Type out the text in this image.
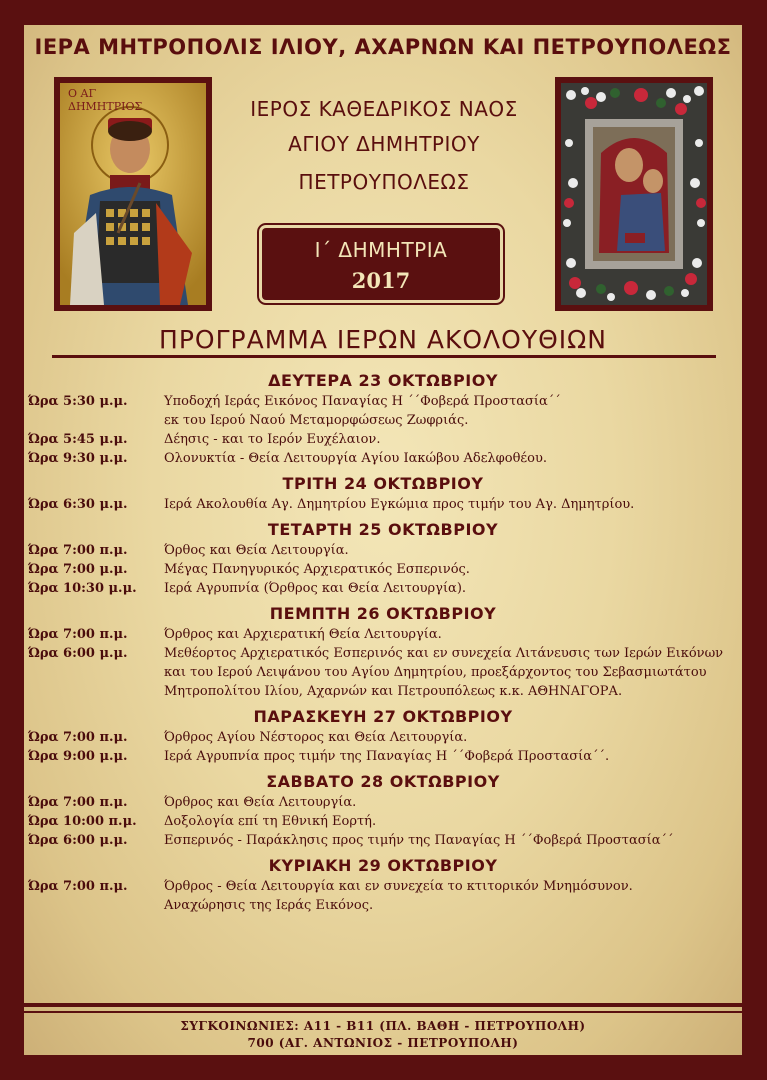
ΙΕΡΑ ΜΗΤΡΟΠΟΛΙΣ ΙΛΙΟΥ, ΑΧΑΡΝΩΝ ΚΑΙ ΠΕΤΡΟΥΠΟΛΕΩΣ
Ο ΑΓ ΔΗΜΗΤΡΙΟΣ	ΙΕΡΟΣ ΚΑΘΕΔΡΙΚΟΣ ΝΑΟΣ
ΑΓΙΟΥ ΔΗΜΗΤΡΙΟΥ
ΠΕΤΡΟΥΠΟΛΕΩΣ
Ι΄ ΔΗΜΗΤΡΙΑ
2017
ΠΡΟΓΡΑΜΜΑ ΙΕΡΩΝ ΑΚΟΛΟΥΘΙΩΝ
ΔΕΥΤΕΡΑ 23 ΟΚΤΩΒΡΙΟΥ
Ώρα 5:30 μ.μ.	Υποδοχή Ιεράς Εικόνος Παναγίας Η ΄΄Φοβερά Προστασία΄΄
εκ του Ιερού Ναού Μεταμορφώσεως Ζωφριάς.
Ώρα 5:45 μ.μ.	Δέησις - και το Ιερόν Ευχέλαιον.
Ώρα 9:30 μ.μ.	Ολονυκτία - Θεία Λειτουργία Αγίου Ιακώβου Αδελφοθέου.
ΤΡΙΤΗ 24 ΟΚΤΩΒΡΙΟΥ
Ώρα 6:30 μ.μ.	Ιερά Ακολουθία Αγ. Δημητρίου Εγκώμια προς τιμήν του Αγ. Δημητρίου.
ΤΕΤΑΡΤΗ 25 ΟΚΤΩΒΡΙΟΥ
Ώρα 7:00 π.μ.	Όρθος και Θεία Λειτουργία.
Ώρα 7:00 μ.μ.	Μέγας Πανηγυρικός Αρχιερατικός Εσπερινός.
Ώρα 10:30 μ.μ.	Ιερά Αγρυπνία (Όρθρος και Θεία Λειτουργία).
ΠΕΜΠΤΗ 26 ΟΚΤΩΒΡΙΟΥ
Ώρα 7:00 π.μ.	Όρθρος και Αρχιερατική Θεία Λειτουργία.
Ώρα 6:00 μ.μ.	Μεθέορτος Αρχιερατικός Εσπερινός και εν συνεχεία Λιτάνευσις των Ιερών Εικόνων
και του Ιερού Λειψάνου του Αγίου Δημητρίου, προεξάρχοντος του Σεβασμιωτάτου
Μητροπολίτου Ιλίου, Αχαρνών και Πετρουπόλεως κ.κ. ΑΘΗΝΑΓΟΡΑ.
ΠΑΡΑΣΚΕΥΗ 27 ΟΚΤΩΒΡΙΟΥ
Ώρα 7:00 π.μ.	Όρθρος Αγίου Νέστορος και Θεία Λειτουργία.
Ώρα 9:00 μ.μ.	Ιερά Αγρυπνία προς τιμήν της Παναγίας Η ΄΄Φοβερά Προστασία΄΄.
ΣΑΒΒΑΤΟ 28 ΟΚΤΩΒΡΙΟΥ
Ώρα 7:00 π.μ.	Όρθρος και Θεία Λειτουργία.
Ώρα 10:00 π.μ.	Δοξολογία επί τη Εθνική Εορτή.
Ώρα 6:00 μ.μ.	Εσπερινός - Παράκλησις προς τιμήν της Παναγίας Η ΄΄Φοβερά Προστασία΄΄
ΚΥΡΙΑΚΗ 29 ΟΚΤΩΒΡΙΟΥ
Ώρα 7:00 π.μ.	Όρθρος - Θεία Λειτουργία και εν συνεχεία το κτιτορικόν Μνημόσυνον.
Αναχώρησις της Ιεράς Εικόνος.
ΣΥΓΚΟΙΝΩΝΙΕΣ: Α11 - Β11 (ΠΛ. ΒΑΘΗ - ΠΕΤΡΟΥΠΟΛΗ)
700 (ΑΓ. ΑΝΤΩΝΙΟΣ - ΠΕΤΡΟΥΠΟΛΗ)
